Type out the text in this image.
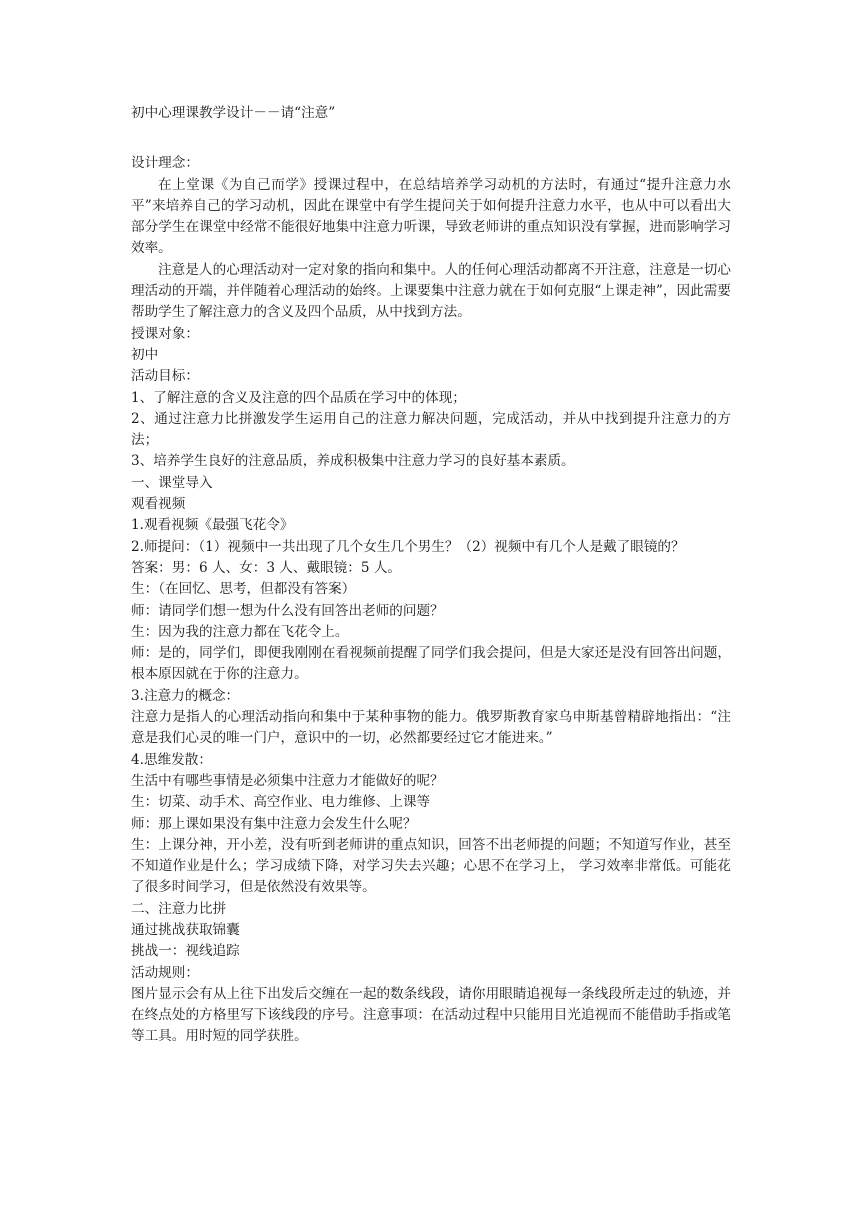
初中心理课教学设计－－请“注意”

设计理念：

在上堂课《为自己而学》授课过程中，在总结培养学习动机的方法时，有通过“提升注意力水平”来培养自己的学习动机，因此在课堂中有学生提问关于如何提升注意力水平，也从中可以看出大部分学生在课堂中经常不能很好地集中注意力听课，导致老师讲的重点知识没有掌握，进而影响学习效率。

注意是人的心理活动对一定对象的指向和集中。人的任何心理活动都离不开注意，注意是一切心理活动的开端，并伴随着心理活动的始终。上课要集中注意力就在于如何克服“上课走神”，因此需要帮助学生了解注意力的含义及四个品质，从中找到方法。

授课对象：

初中

活动目标：

1、了解注意的含义及注意的四个品质在学习中的体现；

2、通过注意力比拼激发学生运用自己的注意力解决问题，完成活动，并从中找到提升注意力的方法；

3、培养学生良好的注意品质，养成积极集中注意力学习的良好基本素质。

一、课堂导入

观看视频

1.观看视频《最强飞花令》

2.师提问：（1）视频中一共出现了几个女生几个男生？（2）视频中有几个人是戴了眼镜的？

答案：男：6 人、女：3 人、戴眼镜：5 人。

生：（在回忆、思考，但都没有答案）

师：请同学们想一想为什么没有回答出老师的问题？

生：因为我的注意力都在飞花令上。

师：是的，同学们，即便我刚刚在看视频前提醒了同学们我会提问，但是大家还是没有回答出问题，根本原因就在于你的注意力。

3.注意力的概念：

注意力是指人的心理活动指向和集中于某种事物的能力。俄罗斯教育家乌申斯基曾精辟地指出：“注意是我们心灵的唯一门户，意识中的一切，必然都要经过它才能进来。”

4.思维发散：

生活中有哪些事情是必须集中注意力才能做好的呢？

生：切菜、动手术、高空作业、电力维修、上课等

师：那上课如果没有集中注意力会发生什么呢？

生：上课分神，开小差，没有听到老师讲的重点知识，回答不出老师提的问题；不知道写作业，甚至不知道作业是什么；学习成绩下降，对学习失去兴趣；心思不在学习上， 学习效率非常低。可能花了很多时间学习，但是依然没有效果等。

二、注意力比拼

通过挑战获取锦囊

挑战一：视线追踪

活动规则：

图片显示会有从上往下出发后交缠在一起的数条线段，请你用眼睛追视每一条线段所走过的轨迹，并在终点处的方格里写下该线段的序号。注意事项：在活动过程中只能用目光追视而不能借助手指或笔等工具。用时短的同学获胜。
